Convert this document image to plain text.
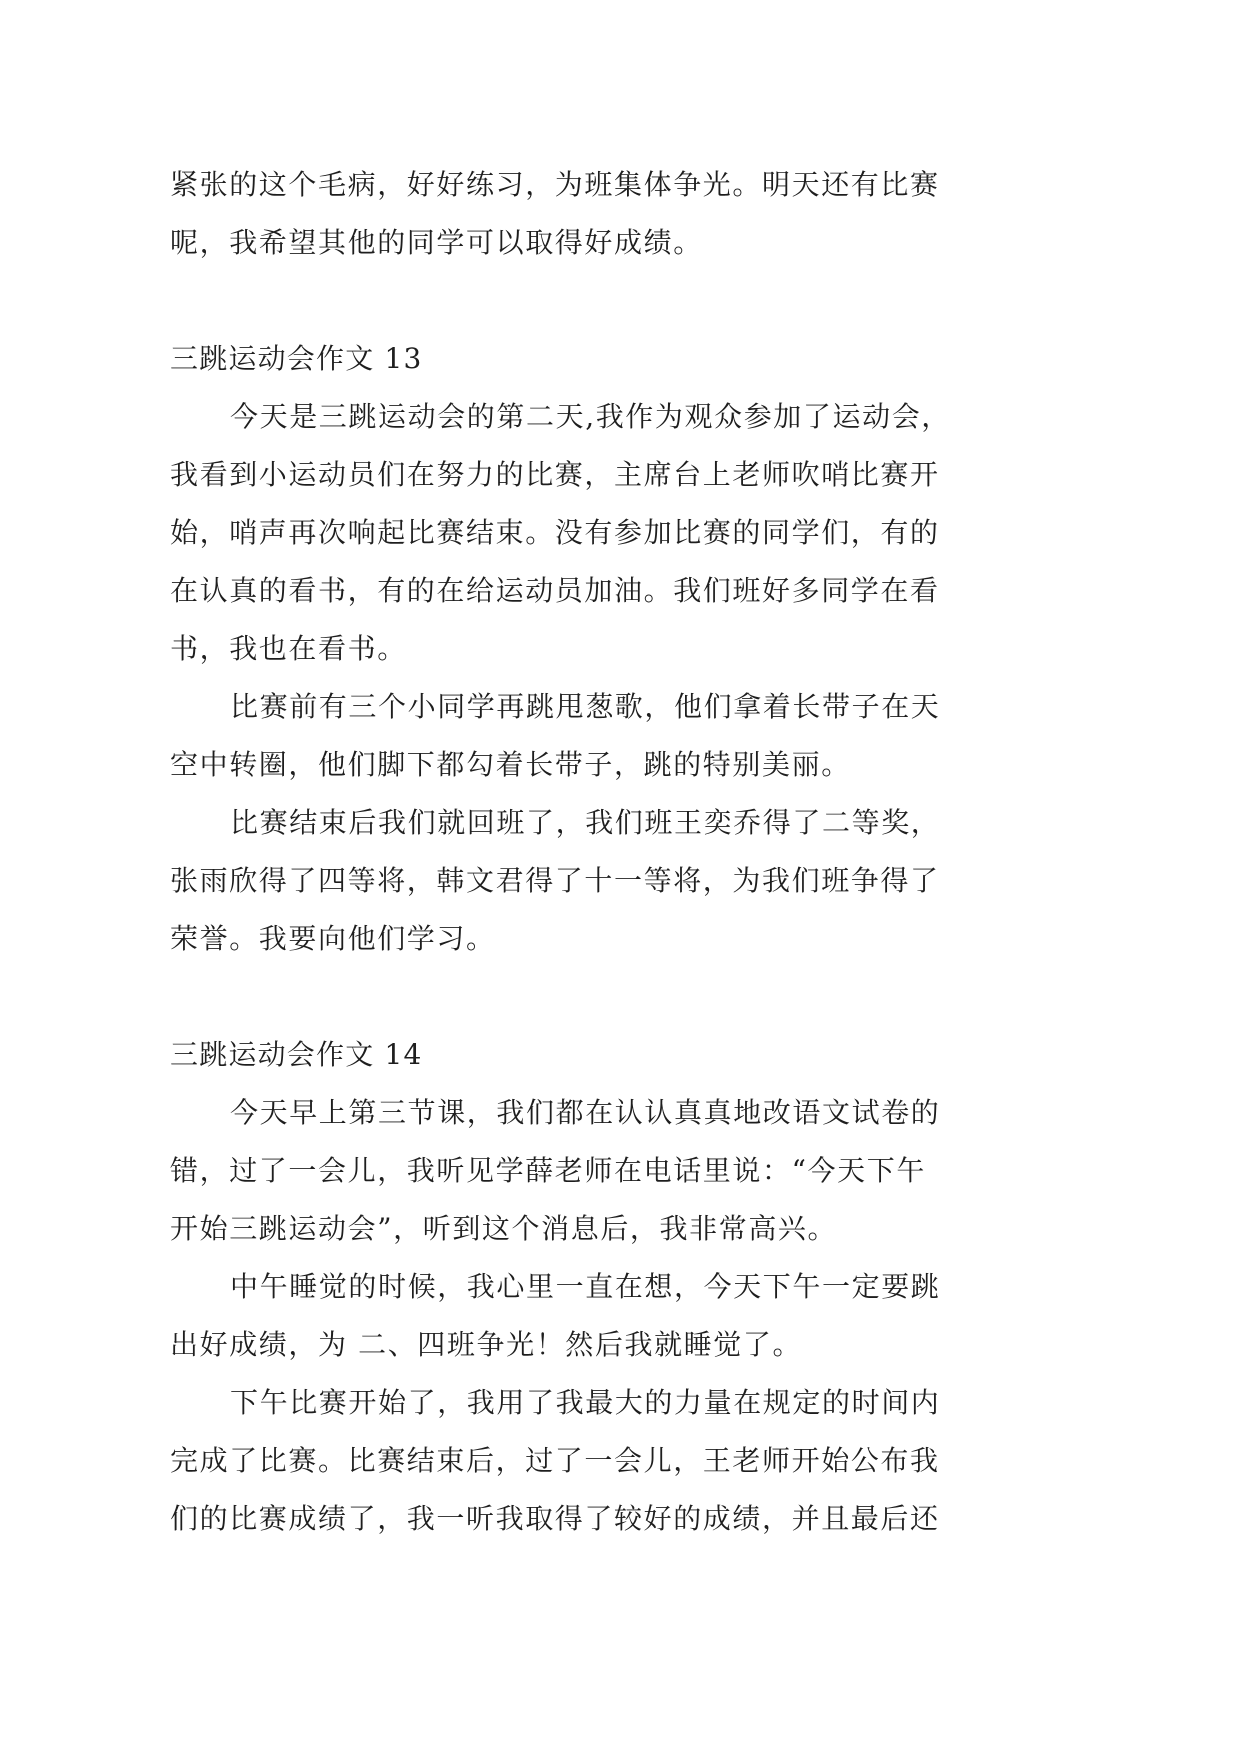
紧张的这个毛病，好好练习，为班集体争光。明天还有比赛
呢，我希望其他的同学可以取得好成绩。
三跳运动会作文 13
今天是三跳运动会的第二天,我作为观众参加了运动会，
我看到小运动员们在努力的比赛，主席台上老师吹哨比赛开
始，哨声再次响起比赛结束。没有参加比赛的同学们，有的
在认真的看书，有的在给运动员加油。我们班好多同学在看
书，我也在看书。
比赛前有三个小同学再跳甩葱歌，他们拿着长带子在天
空中转圈，他们脚下都勾着长带子，跳的特别美丽。
比赛结束后我们就回班了，我们班王奕乔得了二等奖，
张雨欣得了四等将，韩文君得了十一等将，为我们班争得了
荣誉。我要向他们学习。
三跳运动会作文 14
今天早上第三节课，我们都在认认真真地改语文试卷的
错，过了一会儿，我听见学薛老师在电话里说：“今天下午
开始三跳运动会”，听到这个消息后，我非常高兴。
中午睡觉的时候，我心里一直在想，今天下午一定要跳
出好成绩，为 二、四班争光！然后我就睡觉了。
下午比赛开始了，我用了我最大的力量在规定的时间内
完成了比赛。比赛结束后，过了一会儿，王老师开始公布我
们的比赛成绩了，我一听我取得了较好的成绩，并且最后还
